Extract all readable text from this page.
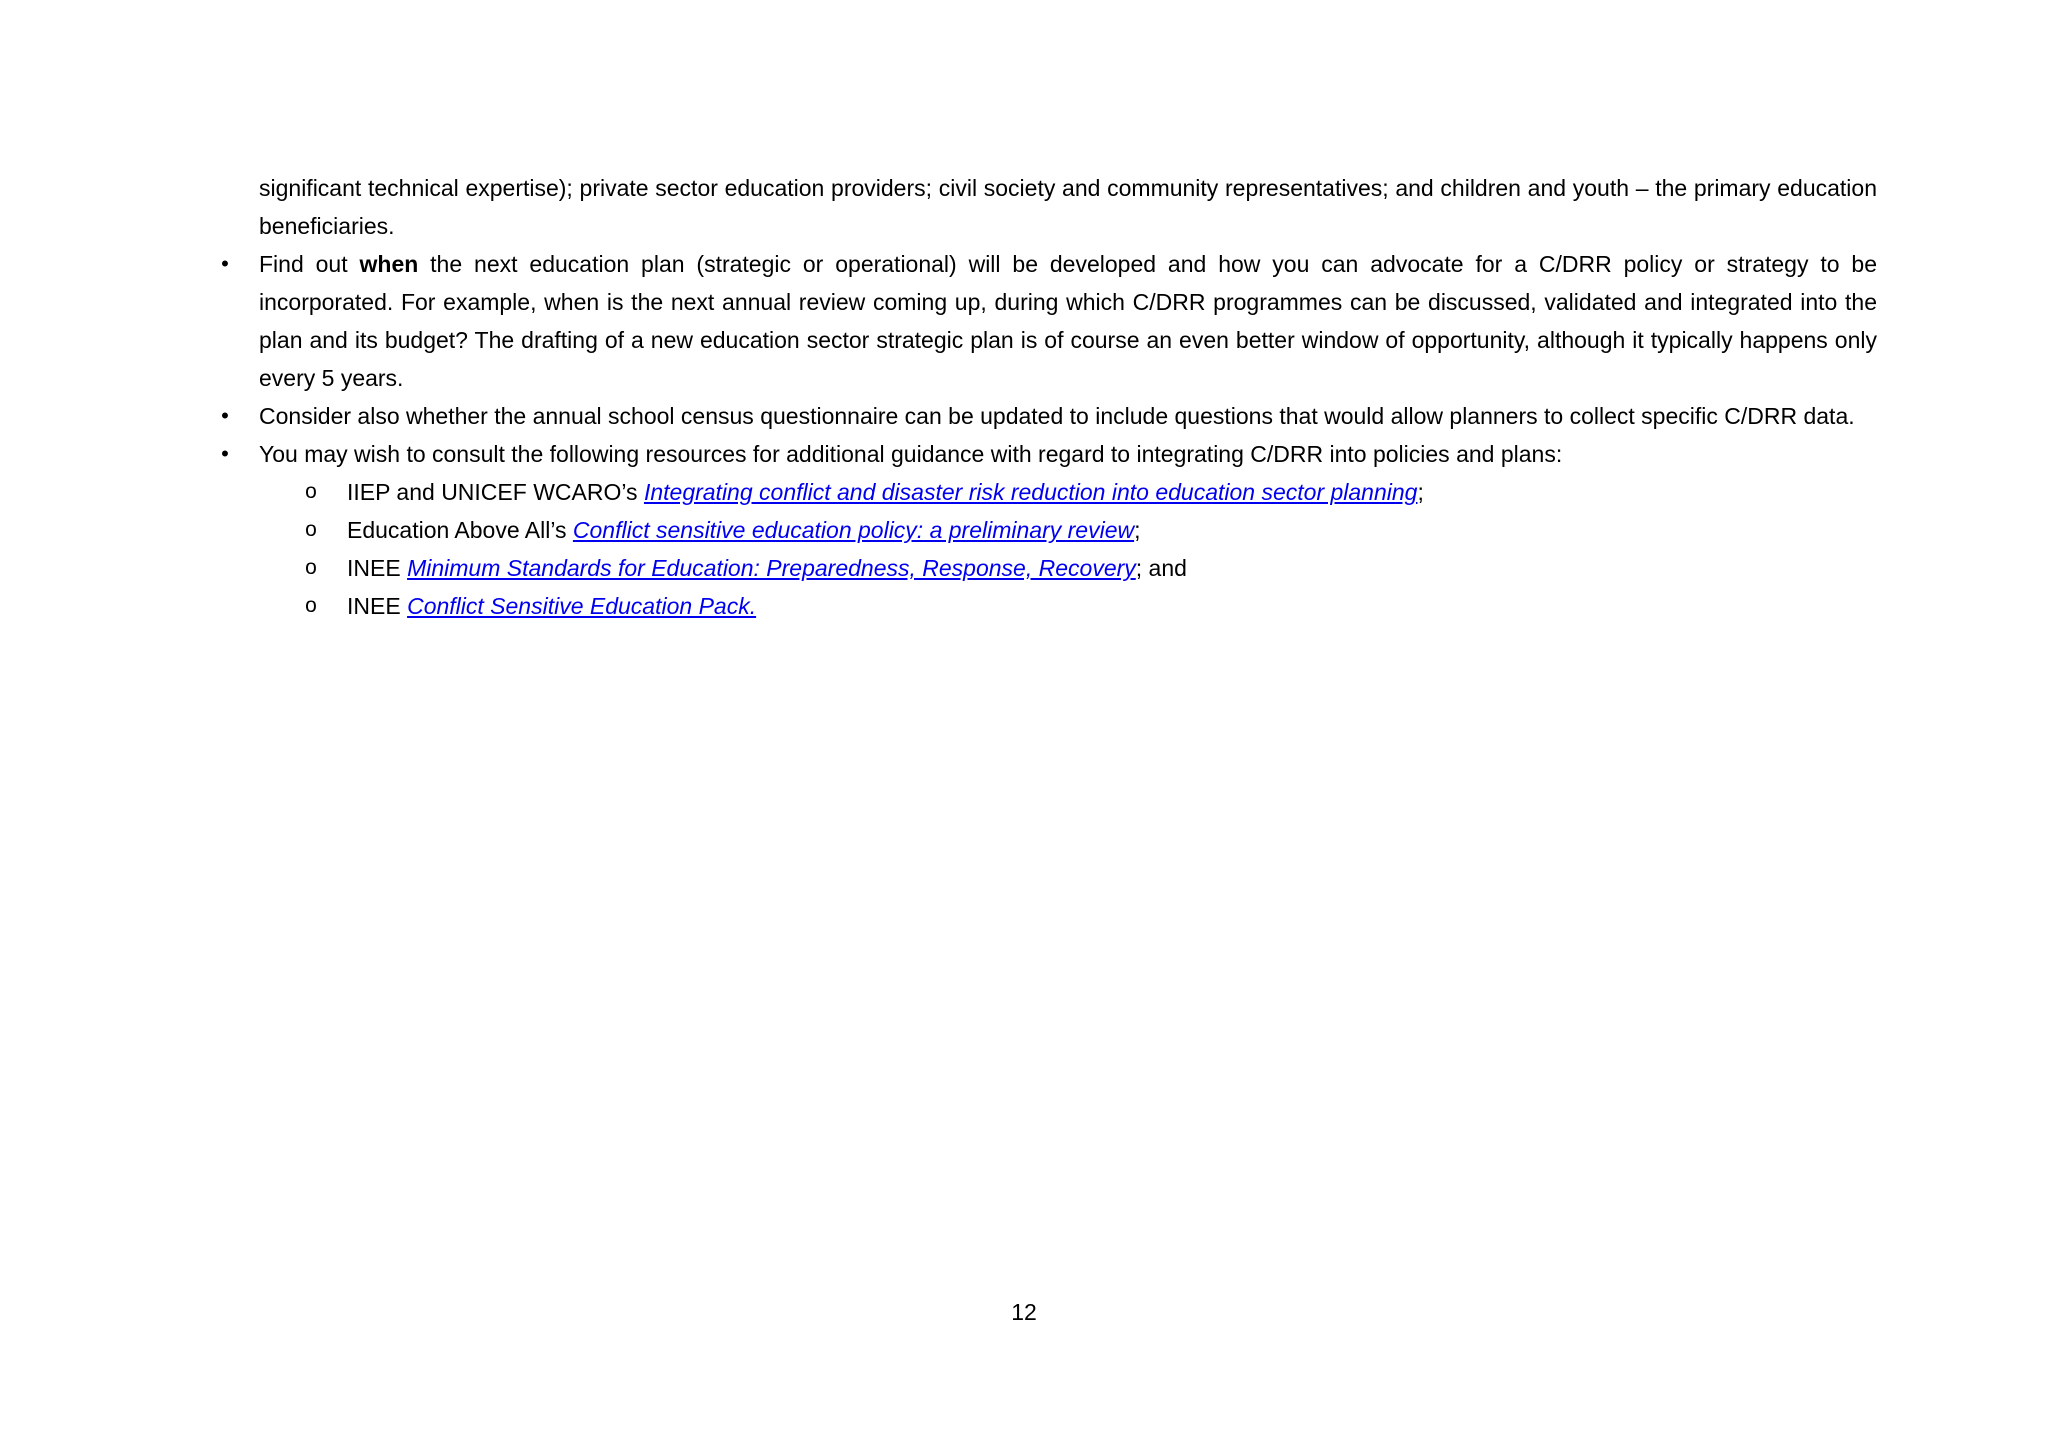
significant technical expertise); private sector education providers; civil society and community representatives; and children and youth – the primary education beneficiaries.

• Find out when the next education plan (strategic or operational) will be developed and how you can advocate for a C/DRR policy or strategy to be incorporated. For example, when is the next annual review coming up, during which C/DRR programmes can be discussed, validated and integrated into the plan and its budget? The drafting of a new education sector strategic plan is of course an even better window of opportunity, although it typically happens only every 5 years.
• Consider also whether the annual school census questionnaire can be updated to include questions that would allow planners to collect specific C/DRR data.
• You may wish to consult the following resources for additional guidance with regard to integrating C/DRR into policies and plans:
o IIEP and UNICEF WCARO’s Integrating conflict and disaster risk reduction into education sector planning;
o Education Above All’s Conflict sensitive education policy: a preliminary review;
o INEE Minimum Standards for Education: Preparedness, Response, Recovery; and
o INEE Conflict Sensitive Education Pack.
12
